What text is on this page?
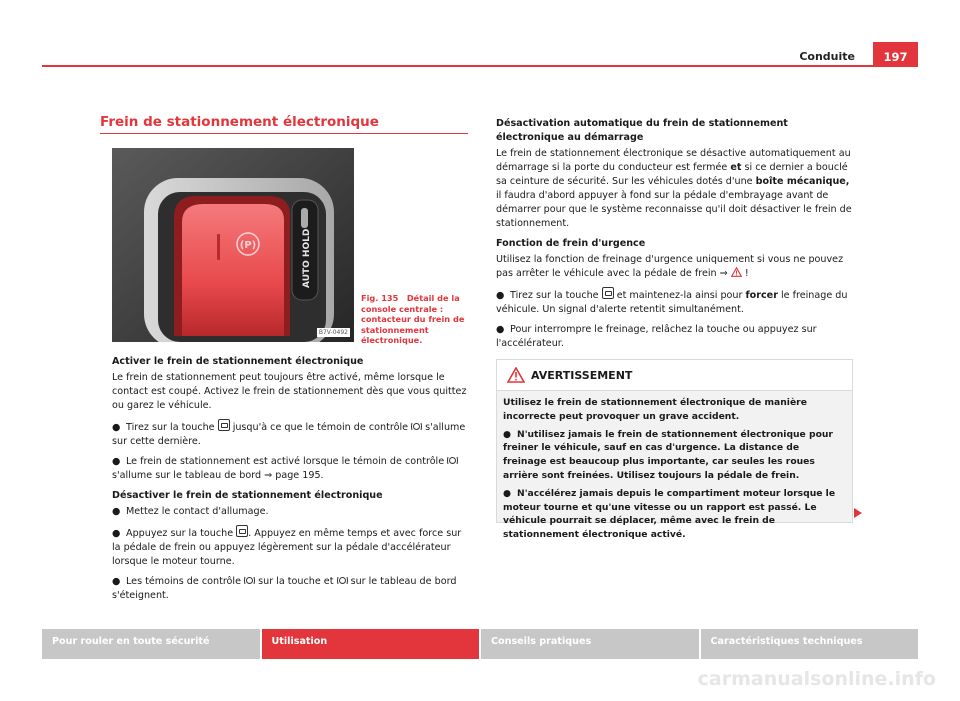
Conduite	197
Frein de stationnement électronique
(P)	AUTO HOLD
B7V-0492
Fig. 135 Détail de la console centrale : contacteur du frein de stationnement électronique.

Activer le frein de stationnement électronique

Le frein de stationnement peut toujours être activé, même lorsque le contact est coupé. Activez le frein de stationnement dès que vous quittez ou garez le véhicule.

● Tirez sur la touche  jusqu'à ce que le témoin de contrôle  s'allume sur cette dernière.

● Le frein de stationnement est activé lorsque le témoin de contrôle  s'allume sur le tableau de bord ⇒ page 195.

Désactiver le frein de stationnement électronique

● Mettez le contact d'allumage.

● Appuyez sur la touche . Appuyez en même temps et avec force sur la pédale de frein ou appuyez légèrement sur la pédale d'accélérateur lorsque le moteur tourne.

● Les témoins de contrôle  sur la touche et  sur le tableau de bord s'éteignent.

Désactivation automatique du frein de stationnement électronique au démarrage

Le frein de stationnement électronique se désactive automatiquement au démarrage si la porte du conducteur est fermée et si ce dernier a bouclé sa ceinture de sécurité. Sur les véhicules dotés d'une boîte mécanique, il faudra d'abord appuyer à fond sur la pédale d'embrayage avant de démarrer pour que le système reconnaisse qu'il doit désactiver le frein de stationnement.

Fonction de frein d'urgence

Utilisez la fonction de freinage d'urgence uniquement si vous ne pouvez pas arrêter le véhicule avec la pédale de frein ⇒  !

● Tirez sur la touche  et maintenez-la ainsi pour forcer le freinage du véhicule. Un signal d'alerte retentit simultanément.

● Pour interrompre le freinage, relâchez la touche ou appuyez sur l'accélérateur.

AVERTISSEMENT

Utilisez le frein de stationnement électronique de manière incorrecte peut provoquer un grave accident.

● N'utilisez jamais le frein de stationnement électronique pour freiner le véhicule, sauf en cas d'urgence. La distance de freinage est beaucoup plus importante, car seules les roues arrière sont freinées. Utilisez toujours la pédale de frein.

● N'accélérez jamais depuis le compartiment moteur lorsque le moteur tourne et qu'une vitesse ou un rapport est passé. Le véhicule pourrait se déplacer, même avec le frein de stationnement électronique activé.

Pour rouler en toute sécurité	Utilisation	Conseils pratiques	Caractéristiques techniques
carmanualsonline.info
